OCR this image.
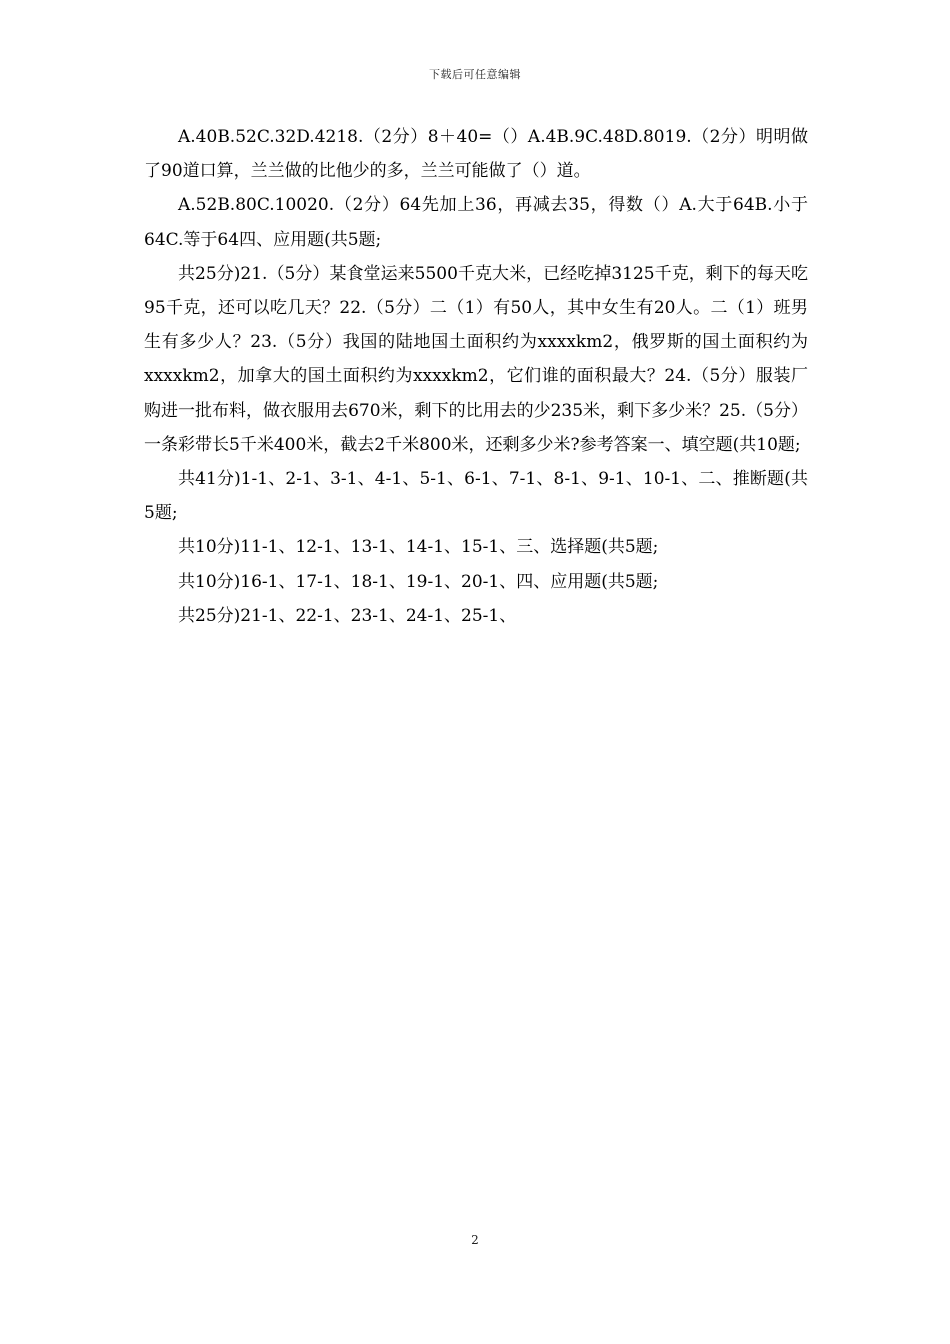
下载后可任意编辑

A.40B.52C.32D.4218.（2分）8＋40=（）A.4B.9C.48D.8019.（2分）明明做了90道口算，兰兰做的比他少的多，兰兰可能做了（）道。

A.52B.80C.10020.（2分）64先加上36，再减去35，得数（）A.大于64B.小于64C.等于64四、应用题(共5题;

共25分)21.（5分）某食堂运来5500千克大米，已经吃掉3125千克，剩下的每天吃95千克，还可以吃几天？22.（5分）二（1）有50人，其中女生有20人。二（1）班男生有多少人？23.（5分）我国的陆地国土面积约为xxxxkm2，俄罗斯的国土面积约为xxxxkm2，加拿大的国土面积约为xxxxkm2，它们谁的面积最大？24.（5分）服装厂购进一批布料，做衣服用去670米，剩下的比用去的少235米，剩下多少米？25.（5分）一条彩带长5千米400米，截去2千米800米，还剩多少米?参考答案一、填空题(共10题;

共41分)1-1、2-1、3-1、4-1、5-1、6-1、7-1、8-1、9-1、10-1、二、推断题(共5题;

共10分)11-1、12-1、13-1、14-1、15-1、三、选择题(共5题;

共10分)16-1、17-1、18-1、19-1、20-1、四、应用题(共5题;

共25分)21-1、22-1、23-1、24-1、25-1、

2
